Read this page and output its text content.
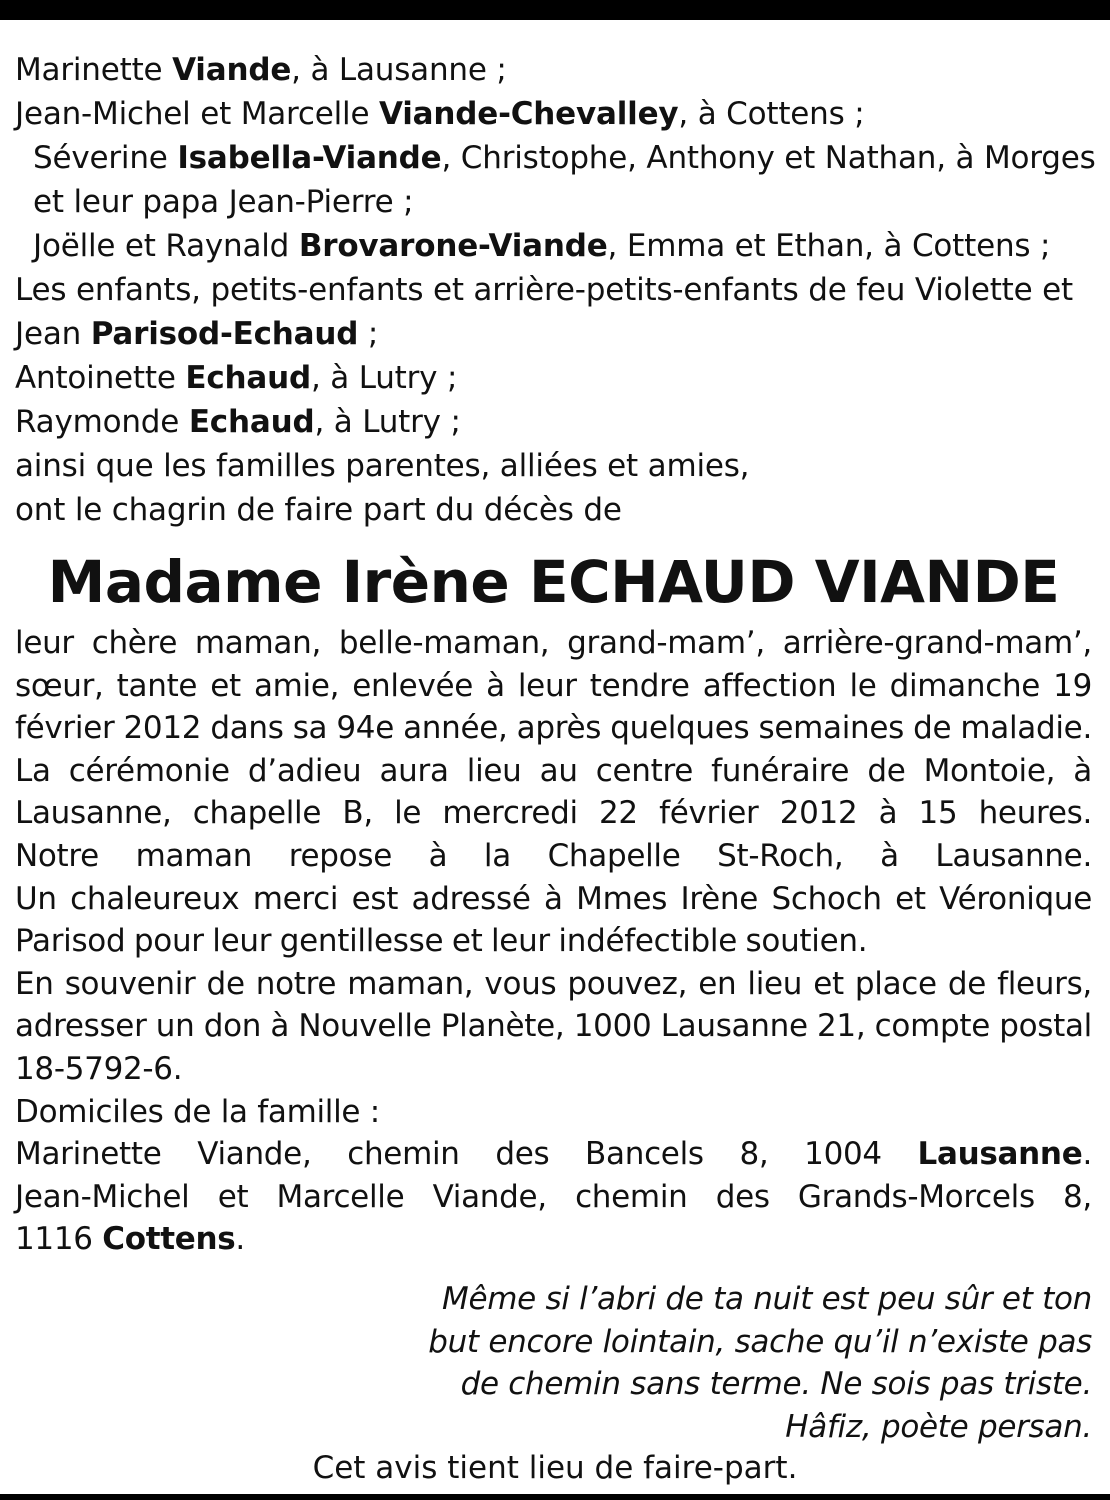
Marinette Viande, à Lausanne ;
Jean-Michel et Marcelle Viande-Chevalley, à Cottens ;
Séverine Isabella-Viande, Christophe, Anthony et Nathan, à Morges
et leur papa Jean-Pierre ;
Joëlle et Raynald Brovarone-Viande, Emma et Ethan, à Cottens ;
Les enfants, petits-enfants et arrière-petits-enfants de feu Violette et
Jean Parisod-Echaud ;
Antoinette Echaud, à Lutry ;
Raymonde Echaud, à Lutry ;
ainsi que les familles parentes, alliées et amies,
ont le chagrin de faire part du décès de
Madame Irène ECHAUD VIANDE
leur chère maman, belle-maman, grand-mam’, arrière-grand-mam’, sœur, tante et amie, enlevée à leur tendre affection le dimanche 19 février 2012 dans sa 94e année, après quelques semaines de maladie.
La cérémonie d’adieu aura lieu au centre funéraire de Montoie, à Lausanne, chapelle B, le mercredi 22 février 2012 à 15 heures.
Notre maman repose à la Chapelle St-Roch, à Lausanne.
Un chaleureux merci est adressé à Mmes Irène Schoch et Véronique Parisod pour leur gentillesse et leur indéfectible soutien.
En souvenir de notre maman, vous pouvez, en lieu et place de fleurs, adresser un don à Nouvelle Planète, 1000 Lausanne 21, compte postal 18-5792-6.
Domiciles de la famille :
Marinette Viande, chemin des Bancels 8, 1004 Lausanne.
Jean-Michel et Marcelle Viande, chemin des Grands-Morcels 8,
1116 Cottens.
Même si l’abri de ta nuit est peu sûr et ton
but encore lointain, sache qu’il n’existe pas
de chemin sans terme. Ne sois pas triste.
Hâfiz, poète persan.
Cet avis tient lieu de faire-part.
